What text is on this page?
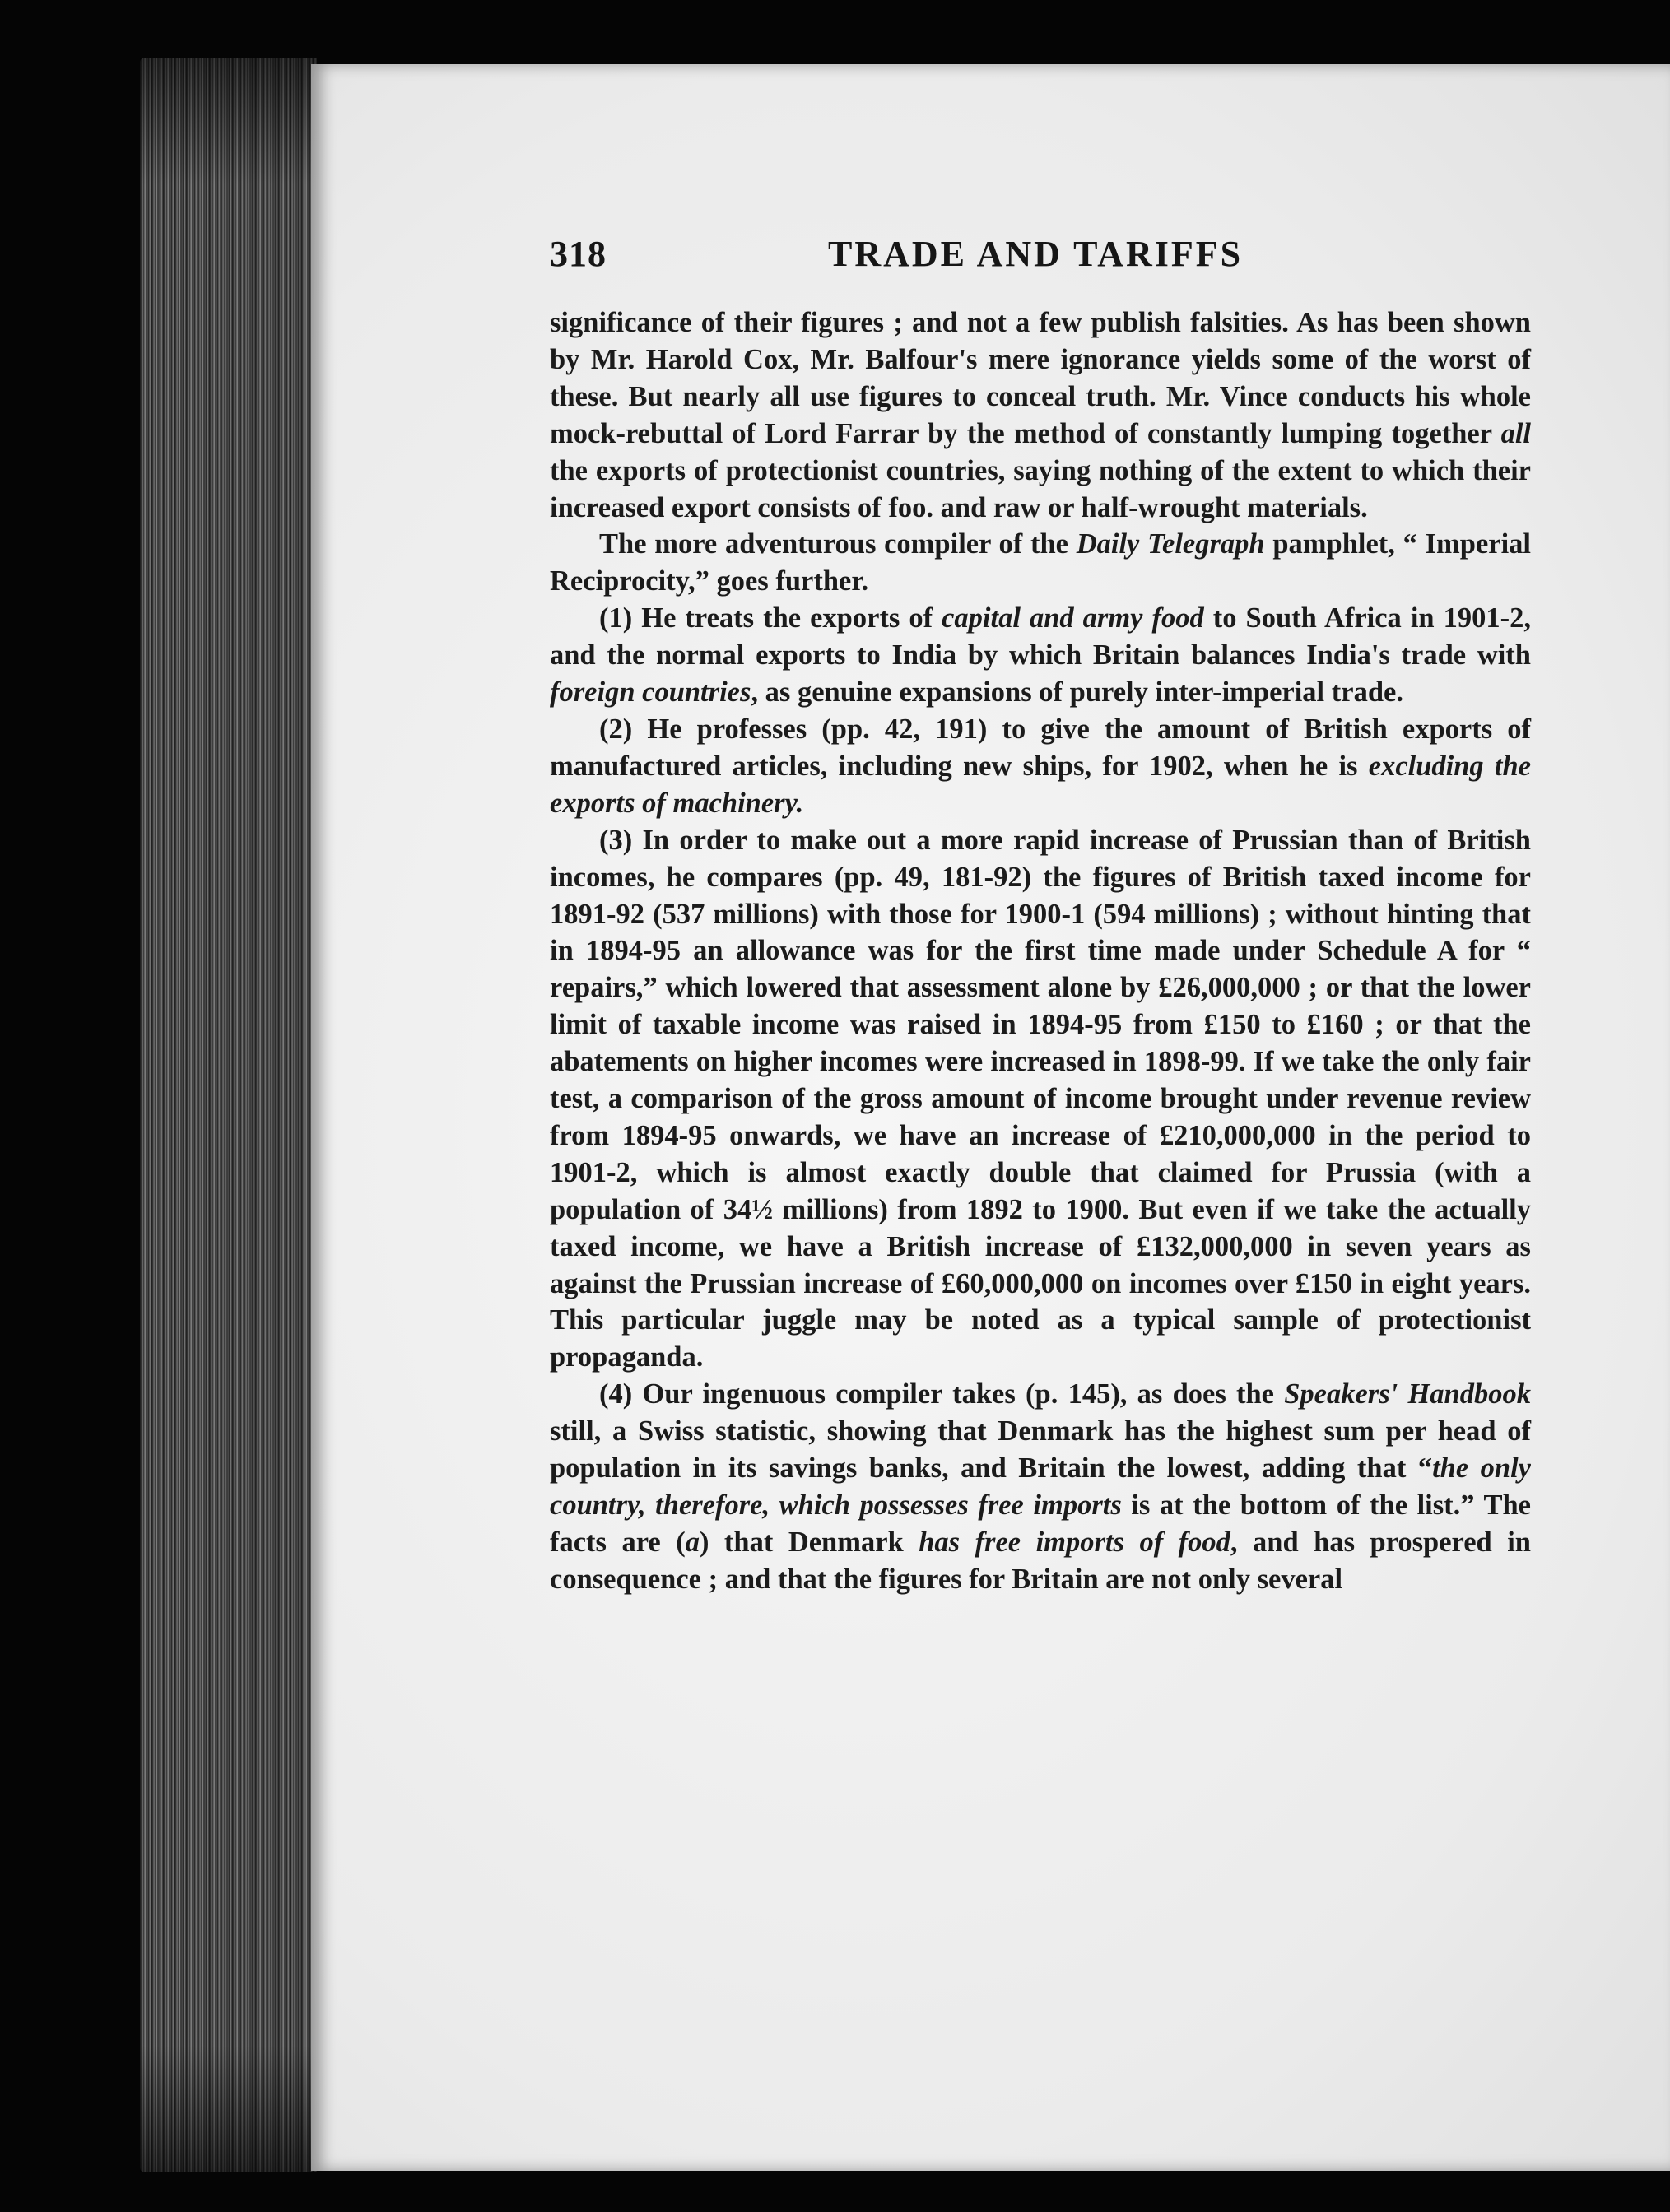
318	TRADE AND TARIFFS

significance of their figures ; and not a few publish falsities. As has been shown by Mr. Harold Cox, Mr. Balfour's mere ignorance yields some of the worst of these. But nearly all use figures to conceal truth. Mr. Vince conducts his whole mock-rebuttal of Lord Farrar by the method of constantly lumping together all the exports of protectionist countries, saying nothing of the extent to which their increased export consists of foo. and raw or half-wrought materials.

The more adventurous compiler of the Daily Telegraph pamphlet, “ Imperial Reciprocity,” goes further.

(1) He treats the exports of capital and army food to South Africa in 1901-2, and the normal exports to India by which Britain balances India's trade with foreign countries, as genuine expansions of purely inter-imperial trade.

(2) He professes (pp. 42, 191) to give the amount of British exports of manufactured articles, including new ships, for 1902, when he is excluding the exports of machinery.

(3) In order to make out a more rapid increase of Prussian than of British incomes, he compares (pp. 49, 181-92) the figures of British taxed income for 1891-92 (537 millions) with those for 1900-1 (594 millions) ; without hinting that in 1894-95 an allowance was for the first time made under Schedule A for “ repairs,” which lowered that assessment alone by £26,000,000 ; or that the lower limit of taxable income was raised in 1894-95 from £150 to £160 ; or that the abatements on higher incomes were increased in 1898-99. If we take the only fair test, a comparison of the gross amount of income brought under revenue review from 1894-95 onwards, we have an increase of £210,000,000 in the period to 1901-2, which is almost exactly double that claimed for Prussia (with a population of 34½ millions) from 1892 to 1900. But even if we take the actually taxed income, we have a British increase of £132,000,000 in seven years as against the Prussian increase of £60,000,000 on incomes over £150 in eight years. This particular juggle may be noted as a typical sample of protectionist propaganda.

(4) Our ingenuous compiler takes (p. 145), as does the Speakers' Handbook still, a Swiss statistic, showing that Denmark has the highest sum per head of population in its savings banks, and Britain the lowest, adding that “the only country, therefore, which possesses free imports is at the bottom of the list.” The facts are (a) that Denmark has free imports of food, and has prospered in consequence ; and that the figures for Britain are not only several
